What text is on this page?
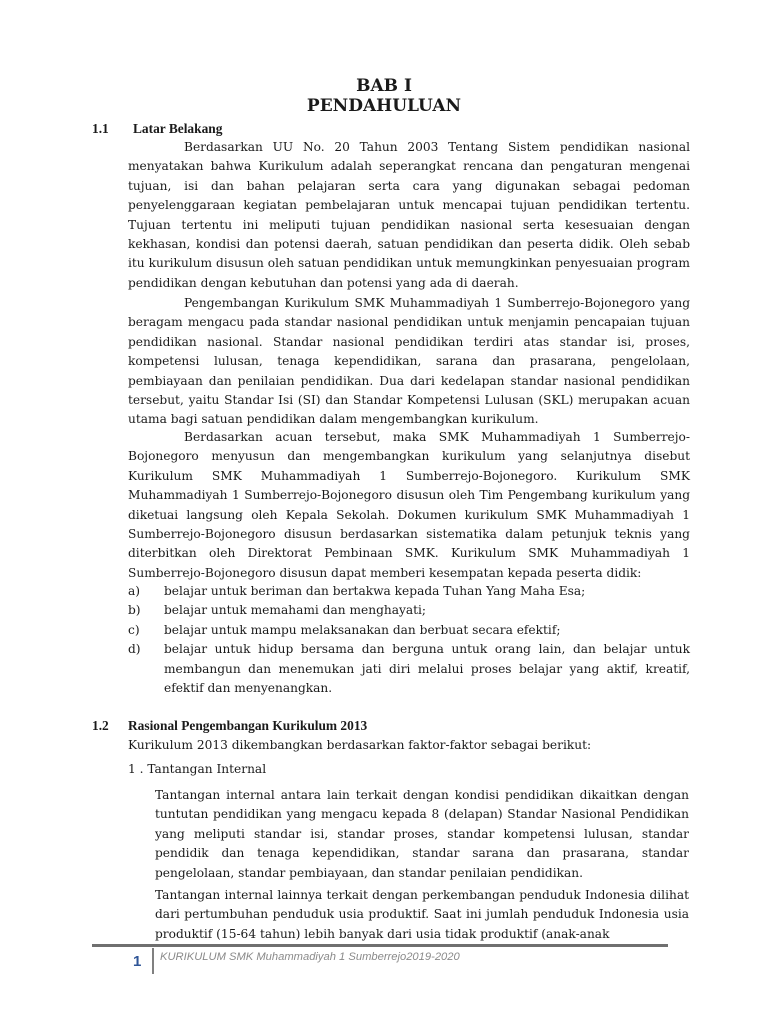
BAB I
PENDAHULUAN
1.1 Latar Belakang

Berdasarkan UU No. 20 Tahun 2003 Tentang Sistem pendidikan nasional menyatakan bahwa Kurikulum adalah seperangkat rencana dan pengaturan mengenai tujuan, isi dan bahan pelajaran serta cara yang digunakan sebagai pedoman penyelenggaraan kegiatan pembelajaran untuk mencapai tujuan pendidikan tertentu. Tujuan tertentu ini meliputi tujuan pendidikan nasional serta kesesuaian dengan kekhasan, kondisi dan potensi daerah, satuan pendidikan dan peserta didik. Oleh sebab itu kurikulum disusun oleh satuan pendidikan untuk memungkinkan penyesuaian program pendidikan dengan kebutuhan dan potensi yang ada di daerah.

Pengembangan Kurikulum SMK Muhammadiyah 1 Sumberrejo-Bojonegoro yang beragam mengacu pada standar nasional pendidikan untuk menjamin pencapaian tujuan pendidikan nasional. Standar nasional pendidikan terdiri atas standar isi, proses, kompetensi lulusan, tenaga kependidikan, sarana dan prasarana, pengelolaan, pembiayaan dan penilaian pendidikan. Dua dari kedelapan standar nasional pendidikan tersebut, yaitu Standar Isi (SI) dan Standar Kompetensi Lulusan (SKL) merupakan acuan utama bagi satuan pendidikan dalam mengembangkan kurikulum.

Berdasarkan acuan tersebut, maka SMK Muhammadiyah 1 Sumberrejo-Bojonegoro menyusun dan mengembangkan kurikulum yang selanjutnya disebut Kurikulum SMK Muhammadiyah 1 Sumberrejo-Bojonegoro. Kurikulum SMK Muhammadiyah 1 Sumberrejo-Bojonegoro disusun oleh Tim Pengembang kurikulum yang diketuai langsung oleh Kepala Sekolah. Dokumen kurikulum SMK Muhammadiyah 1 Sumberrejo-Bojonegoro disusun berdasarkan sistematika dalam petunjuk teknis yang diterbitkan oleh Direktorat Pembinaan SMK. Kurikulum SMK Muhammadiyah 1 Sumberrejo-Bojonegoro disusun dapat memberi kesempatan kepada peserta didik:

a) belajar untuk beriman dan bertakwa kepada Tuhan Yang Maha Esa;
b) belajar untuk memahami dan menghayati;
c) belajar untuk mampu melaksanakan dan berbuat secara efektif;
d) belajar untuk hidup bersama dan berguna untuk orang lain, dan belajar untuk membangun dan menemukan jati diri melalui proses belajar yang aktif, kreatif, efektif dan menyenangkan.
1.2 Rasional Pengembangan Kurikulum 2013
Kurikulum 2013 dikembangkan berdasarkan faktor-faktor sebagai berikut:
1 . Tantangan Internal

Tantangan internal antara lain terkait dengan kondisi pendidikan dikaitkan dengan tuntutan pendidikan yang mengacu kepada 8 (delapan) Standar Nasional Pendidikan yang meliputi standar isi, standar proses, standar kompetensi lulusan, standar pendidik dan tenaga kependidikan, standar sarana dan prasarana, standar pengelolaan, standar pembiayaan, dan standar penilaian pendidikan.

Tantangan internal lainnya terkait dengan perkembangan penduduk Indonesia dilihat dari pertumbuhan penduduk usia produktif. Saat ini jumlah penduduk Indonesia usia produktif (15-64 tahun) lebih banyak dari usia tidak produktif (anak-anak

1 KURIKULUM SMK Muhammadiyah 1 Sumberrejo2019-2020
